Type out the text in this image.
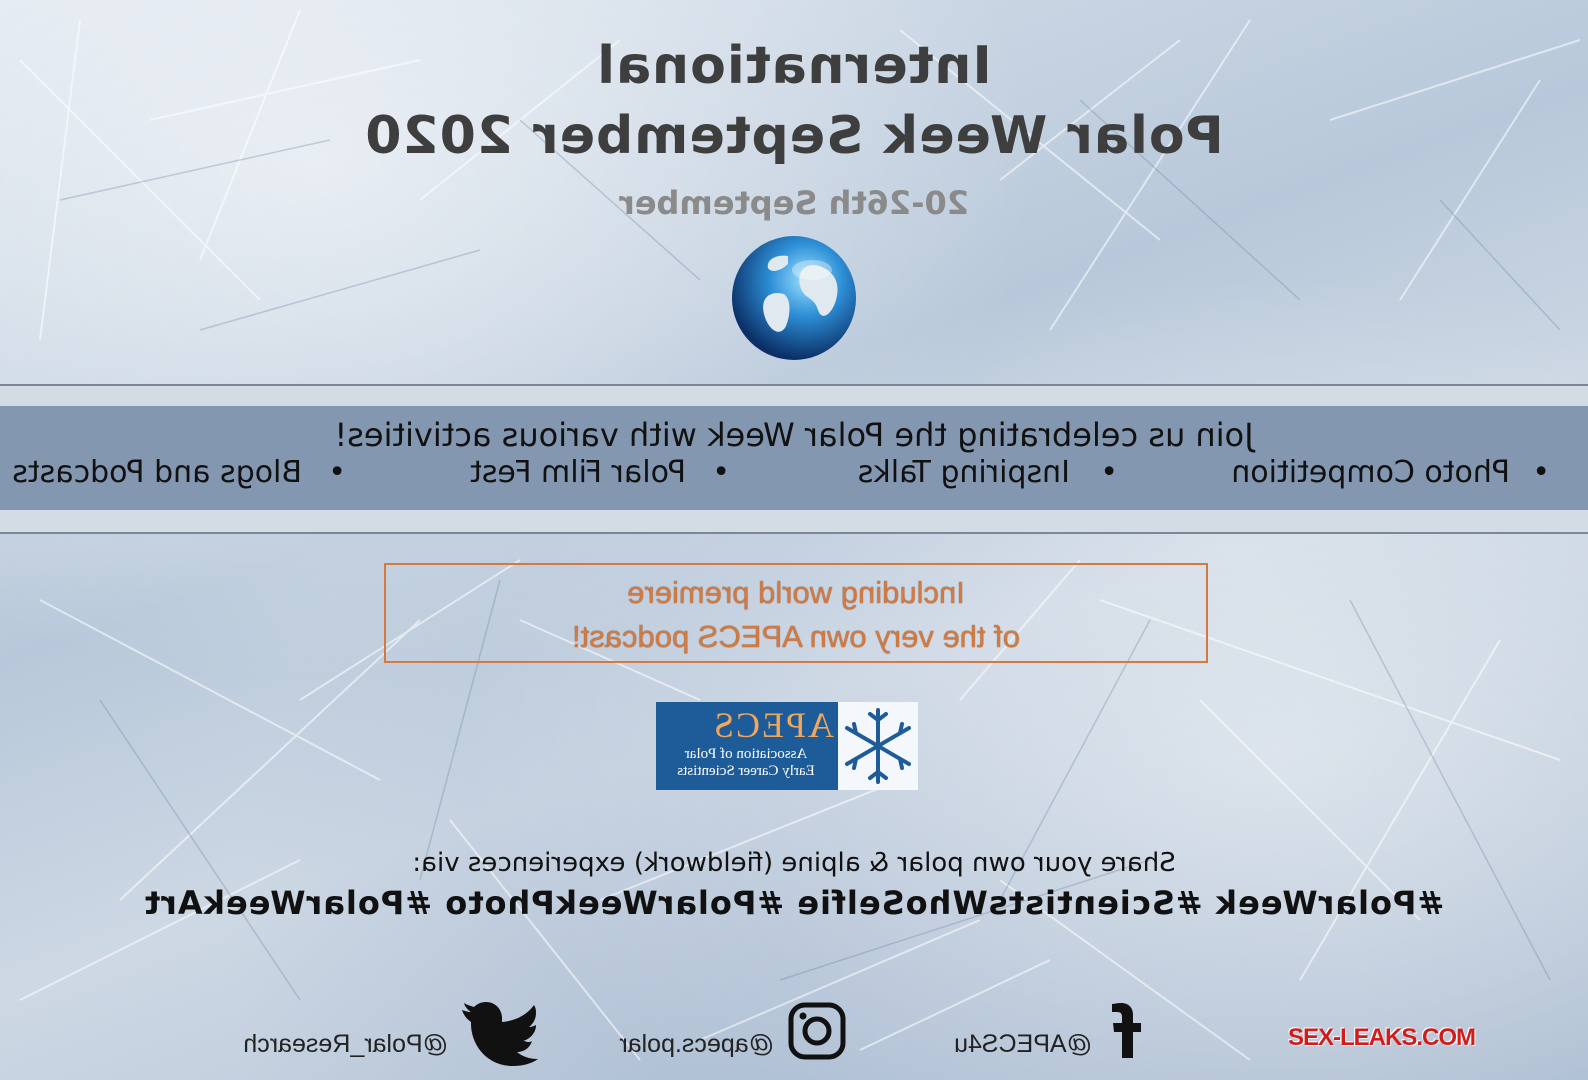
International
Polar Week September 2020
20-26th September
Join us celebrating the Polar Week with various activities!
•
Photo Competition
•
Inspiring Talks
•
Polar Film Fest
•
Blogs and Podcasts
Including world premiere
of the very own APECS podcast!
APECS
Association of Polar
Early Career Scientists
Share your own polar & alpine (fieldwork) experiences via:
#PolarWeek #ScientistsWhoSelfie #PolarWeekPhoto #PolarWeekArt
@APECS4u
@apecs.polar
@Polar_Research	SEX-LEAKS.COM
